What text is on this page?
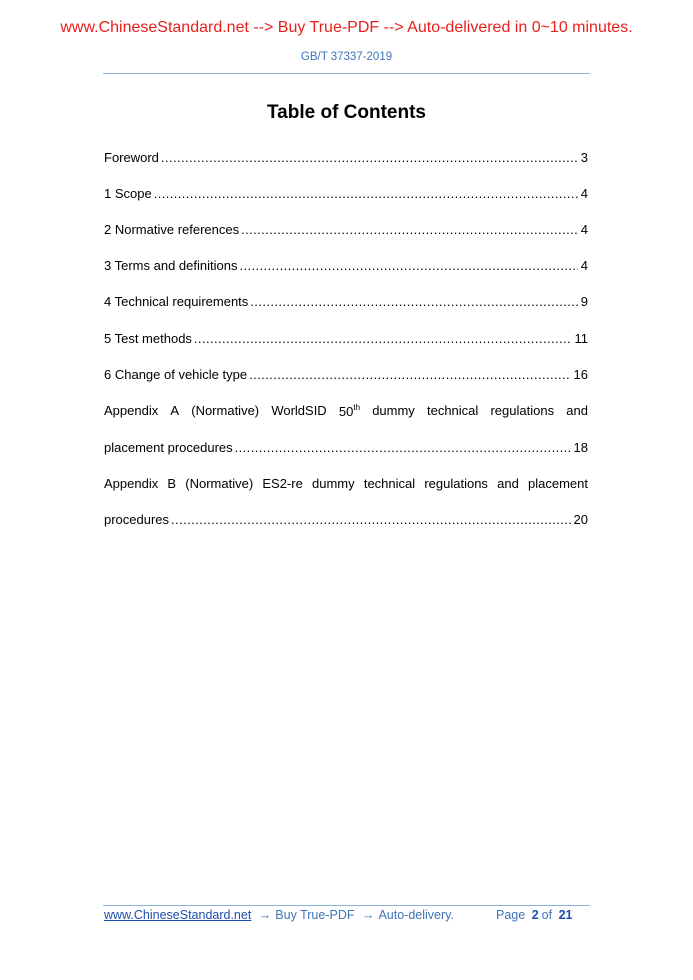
www.ChineseStandard.net --> Buy True-PDF --> Auto-delivered in 0~10 minutes.
GB/T 37337-2019
Table of Contents
Foreword .....	3
1 Scope .....	4
2 Normative references .....	4
3 Terms and definitions .....	4
4 Technical requirements .....	9
5 Test methods .....	11
6 Change of vehicle type .....	16
Appendix A (Normative) WorldSID 50th dummy technical regulations and
placement procedures .....	18
Appendix B (Normative) ES2-re dummy technical regulations and placement
procedures .....	20
www.ChineseStandard.net → Buy True-PDF → Auto-delivery.	Page 2 of 21
